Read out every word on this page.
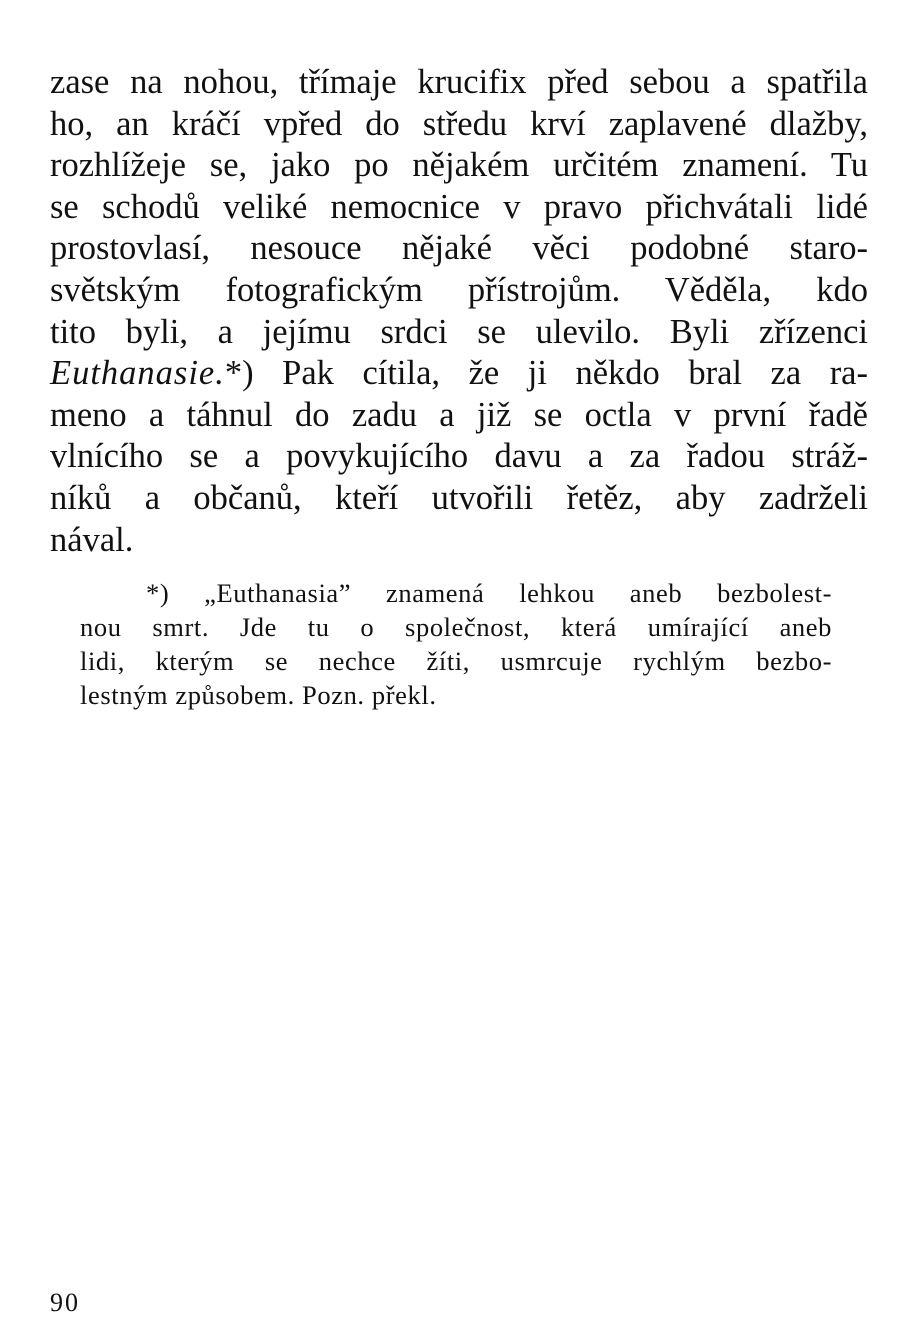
zase na nohou, třímaje krucifix před sebou a spatřila
ho, an kráčí vpřed do středu krví zaplavené dlažby,
rozhlížeje se, jako po nějakém určitém znamení. Tu
se schodů veliké nemocnice v pravo přichvátali lidé
prostovlasí, nesouce nějaké věci podobné staro-
světským fotografickým přístrojům. Věděla, kdo
tito byli, a jejímu srdci se ulevilo. Byli zřízenci
Euthanasie.*) Pak cítila, že ji někdo bral za ra-
meno a táhnul do zadu a již se octla v první řadě
vlnícího se a povykujícího davu a za řadou stráž-
níků a občanů, kteří utvořili řetěz, aby zadrželi
nával.
*) „Euthanasia” znamená lehkou aneb bezbolest-
nou smrt. Jde tu o společnost, která umírající aneb
lidi, kterým se nechce žíti, usmrcuje rychlým bezbo-
lestným způsobem. Pozn. překl.
90
